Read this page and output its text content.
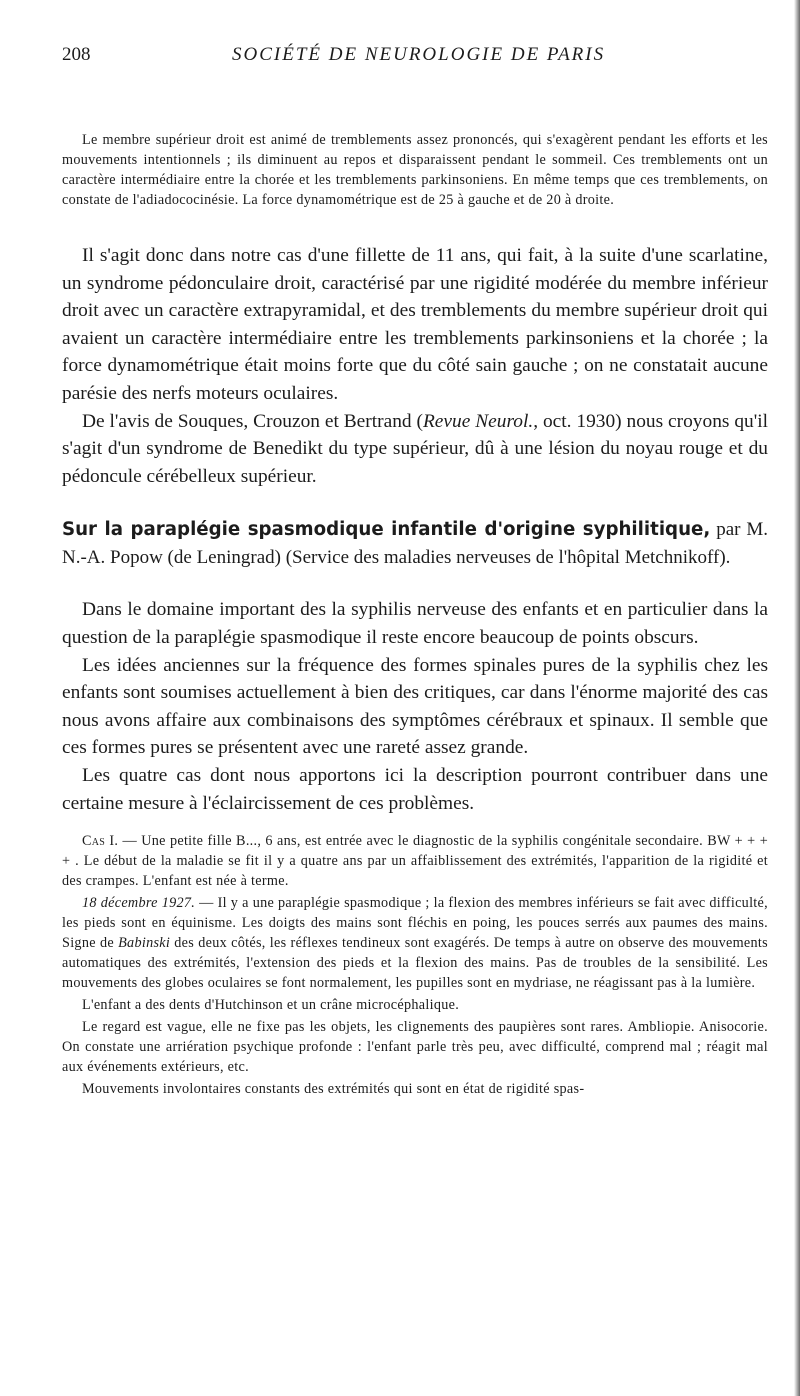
208	SOCIÉTÉ DE NEUROLOGIE DE PARIS

Le membre supérieur droit est animé de tremblements assez prononcés, qui s'exagèrent pendant les efforts et les mouvements intentionnels ; ils diminuent au repos et disparaissent pendant le sommeil. Ces tremblements ont un caractère intermédiaire entre la chorée et les tremblements parkinsoniens. En même temps que ces tremblements, on constate de l'adiadococinésie. La force dynamométrique est de 25 à gauche et de 20 à droite.

Il s'agit donc dans notre cas d'une fillette de 11 ans, qui fait, à la suite d'une scarlatine, un syndrome pédonculaire droit, caractérisé par une rigidité modérée du membre inférieur droit avec un caractère extrapyramidal, et des tremblements du membre supérieur droit qui avaient un caractère intermédiaire entre les tremblements parkinsoniens et la chorée ; la force dynamométrique était moins forte que du côté sain gauche ; on ne constatait aucune parésie des nerfs moteurs oculaires.

De l'avis de Souques, Crouzon et Bertrand (Revue Neurol., oct. 1930) nous croyons qu'il s'agit d'un syndrome de Benedikt du type supérieur, dû à une lésion du noyau rouge et du pédoncule cérébelleux supérieur.

Sur la paraplégie spasmodique infantile d'origine syphilitique, par M. N.-A. Popow (de Leningrad) (Service des maladies nerveuses de l'hôpital Metchnikoff).

Dans le domaine important des la syphilis nerveuse des enfants et en particulier dans la question de la paraplégie spasmodique il reste encore beaucoup de points obscurs.

Les idées anciennes sur la fréquence des formes spinales pures de la syphilis chez les enfants sont soumises actuellement à bien des critiques, car dans l'énorme majorité des cas nous avons affaire aux combinaisons des symptômes cérébraux et spinaux. Il semble que ces formes pures se présentent avec une rareté assez grande.

Les quatre cas dont nous apportons ici la description pourront contribuer dans une certaine mesure à l'éclaircissement de ces problèmes.

Cas I. — Une petite fille B..., 6 ans, est entrée avec le diagnostic de la syphilis congénitale secondaire. BW + + + + . Le début de la maladie se fit il y a quatre ans par un affaiblissement des extrémités, l'apparition de la rigidité et des crampes. L'enfant est née à terme.

18 décembre 1927. — Il y a une paraplégie spasmodique ; la flexion des membres inférieurs se fait avec difficulté, les pieds sont en équinisme. Les doigts des mains sont fléchis en poing, les pouces serrés aux paumes des mains. Signe de Babinski des deux côtés, les réflexes tendineux sont exagérés. De temps à autre on observe des mouvements automatiques des extrémités, l'extension des pieds et la flexion des mains. Pas de troubles de la sensibilité. Les mouvements des globes oculaires se font normalement, les pupilles sont en mydriase, ne réagissant pas à la lumière.

L'enfant a des dents d'Hutchinson et un crâne microcéphalique.

Le regard est vague, elle ne fixe pas les objets, les clignements des paupières sont rares. Ambliopie. Anisocorie. On constate une arriération psychique profonde : l'enfant parle très peu, avec difficulté, comprend mal ; réagit mal aux événements extérieurs, etc.

Mouvements involontaires constants des extrémités qui sont en état de rigidité spas-
